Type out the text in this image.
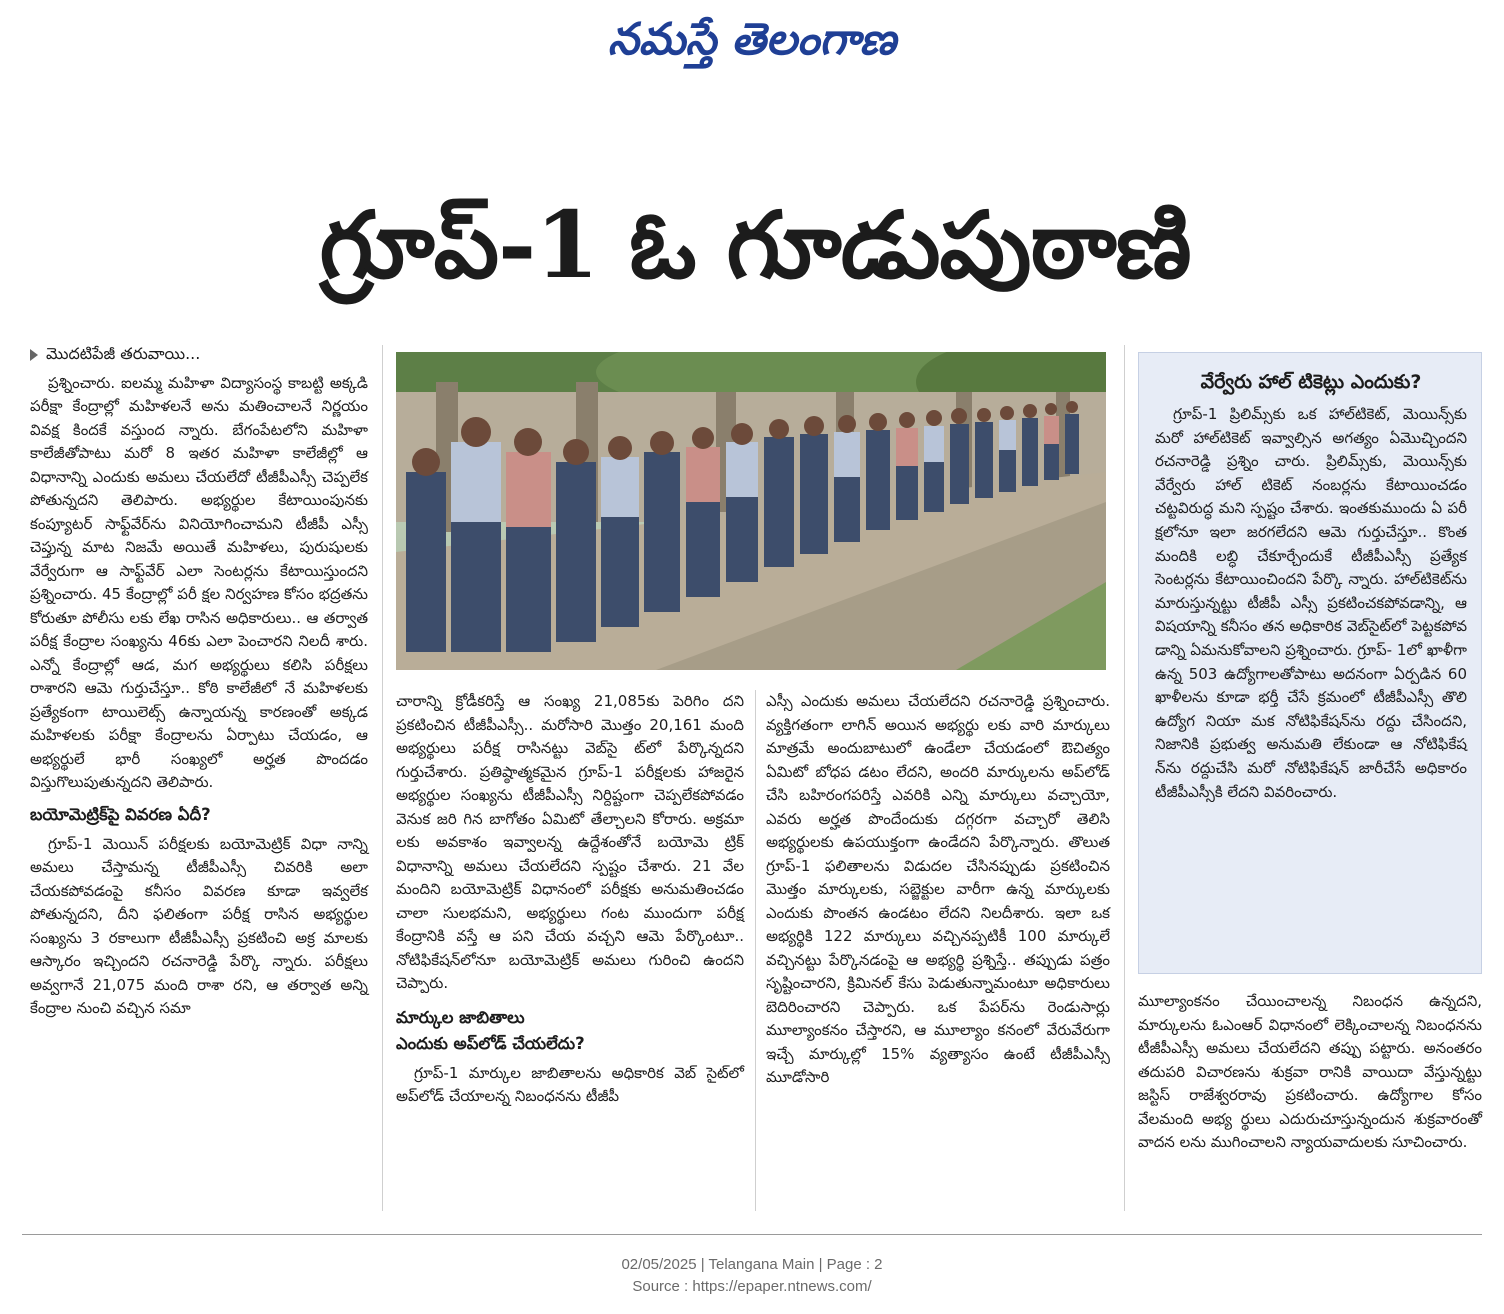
నమస్తే తెలంగాణ
గ్రూప్-1 ఓ గూడుపుఠాణి
మొదటిపేజీ తరువాయి...

ప్రశ్నించారు. ఐలమ్మ మహిళా విద్యాసంస్థ కాబట్టి అక్కడి పరీక్షా కేంద్రాల్లో మహిళలనే అను మతించాలనే నిర్ణయం వివక్ష కిందకే వస్తుంద న్నారు. బేగంపేటలోని మహిళా కాలేజీతోపాటు మరో 8 ఇతర మహిళా కాలేజీల్లో ఆ విధానాన్ని ఎందుకు అమలు చేయలేదో టీజీపీఎస్సీ చెప్పలేక పోతున్నదని తెలిపారు. అభ్యర్థుల కేటాయింపునకు కంప్యూటర్ సాఫ్ట్‌వేర్‌ను వినియోగించామని టీజీపీ ఎస్సీ చెప్తున్న మాట నిజమే అయితే మహిళలు, పురుషులకు వేర్వేరుగా ఆ సాఫ్ట్‌వేర్ ఎలా సెంటర్లను కేటాయిస్తుందని ప్రశ్నించారు. 45 కేంద్రాల్లో పరీ క్షల నిర్వహణ కోసం భద్రతను కోరుతూ పోలీసు లకు లేఖ రాసిన అధికారులు.. ఆ తర్వాత పరీక్ష కేంద్రాల సంఖ్యను 46కు ఎలా పెంచారని నిలదీ శారు. ఎన్నో కేంద్రాల్లో ఆడ, మగ అభ్యర్థులు కలిసి పరీక్షలు రాశారని ఆమె గుర్తుచేస్తూ.. కోఠి కాలేజీలో నే మహిళలకు ప్రత్యేకంగా టాయిలెట్స్ ఉన్నాయన్న కారణంతో అక్కడ మహిళలకు పరీక్షా కేంద్రాలను ఏర్పాటు చేయడం, ఆ అభ్యర్థులే భారీ సంఖ్యలో అర్హత పొందడం విస్తుగొలుపుతున్నదని తెలిపారు.

బయోమెట్రిక్‌పై వివరణ ఏదీ?

గ్రూప్-1 మెయిన్ పరీక్షలకు బయోమెట్రిక్ విధా నాన్ని అమలు చేస్తామన్న టీజీపీఎస్సీ చివరికి అలా చేయకపోవడంపై కనీసం వివరణ కూడా ఇవ్వలేక పోతున్నదని, దీని ఫలితంగా పరీక్ష రాసిన అభ్యర్థుల సంఖ్యను 3 రకాలుగా టీజీపీఎస్సీ ప్రకటించి అక్ర మాలకు ఆస్కారం ఇచ్చిందని రచనారెడ్డి పేర్కొ న్నారు. పరీక్షలు అవ్వగానే 21,075 మంది రాశా రని, ఆ తర్వాత అన్ని కేంద్రాల నుంచి వచ్చిన సమా

చారాన్ని క్రోడీకరిస్తే ఆ సంఖ్య 21,085కు పెరిగిం దని ప్రకటించిన టీజీపీఎస్సీ.. మరోసారి మొత్తం 20,161 మంది అభ్యర్థులు పరీక్ష రాసినట్టు వెబ్‌సై ట్‌లో పేర్కొన్నదని గుర్తుచేశారు. ప్రతిష్ఠాత్మకమైన గ్రూప్-1 పరీక్షలకు హాజరైన అభ్యర్థుల సంఖ్యను టీజీపీఎస్సీ నిర్దిష్టంగా చెప్పలేకపోవడం వెనుక జరి గిన బాగోతం ఏమిటో తేల్చాలని కోరారు. అక్రమా లకు అవకాశం ఇవ్వాలన్న ఉద్దేశంతోనే బయోమె ట్రిక్ విధానాన్ని అమలు చేయలేదని స్పష్టం చేశారు. 21 వేల మందిని బయోమెట్రిక్ విధానంలో పరీక్షకు అనుమతించడం చాలా సులభమని, అభ్యర్థులు గంట ముందుగా పరీక్ష కేంద్రానికి వస్తే ఆ పని చేయ వచ్చని ఆమె పేర్కొంటూ.. నోటిఫికేషన్‌లోనూ బయోమెట్రిక్ అమలు గురించి ఉందని చెప్పారు.

మార్కుల జాబితాలు
ఎందుకు అప్‌లోడ్ చేయలేదు?

గ్రూప్-1 మార్కుల జాబితాలను అధికారిక వెబ్ సైట్‌లో అప్‌లోడ్ చేయాలన్న నిబంధనను టీజీపీ

ఎస్సీ ఎందుకు అమలు చేయలేదని రచనారెడ్డి ప్రశ్నించారు. వ్యక్తిగతంగా లాగిన్ అయిన అభ్యర్థు లకు వారి మార్కులు మాత్రమే అందుబాటులో ఉండేలా చేయడంలో ఔచిత్యం ఏమిటో బోధప డటం లేదని, అందరి మార్కులను అప్‌లోడ్ చేసి బహిరంగపరిస్తే ఎవరికి ఎన్ని మార్కులు వచ్చాయో, ఎవరు అర్హత పొందేందుకు దగ్గరగా వచ్చారో తెలిసి అభ్యర్థులకు ఉపయుక్తంగా ఉండేదని పేర్కొన్నారు. తొలుత గ్రూప్-1 ఫలితాలను విడుదల చేసినప్పుడు ప్రకటించిన మొత్తం మార్కులకు, సబ్జెక్టుల వారీగా ఉన్న మార్కులకు ఎందుకు పొంతన ఉండటం లేదని నిలదీశారు. ఇలా ఒక అభ్యర్థికి 122 మార్కులు వచ్చినప్పటికీ 100 మార్కులే వచ్చినట్టు పేర్కొనడంపై ఆ అభ్యర్థి ప్రశ్నిస్తే.. తప్పుడు పత్రం సృష్టించారని, క్రిమినల్ కేసు పెడుతున్నామంటూ అధికారులు బెదిరించారని చెప్పారు. ఒక పేపర్‌ను రెండుసార్లు మూల్యాంకనం చేస్తారని, ఆ మూల్యాం కనంలో వేరువేరుగా ఇచ్చే మార్కుల్లో 15% వ్యత్యాసం ఉంటే టీజీపీఎస్సీ మూడోసారి

వేర్వేరు హాల్ టికెట్లు ఎందుకు?

గ్రూప్-1 ప్రిలిమ్స్‌కు ఒక హాల్‌టికెట్, మెయిన్స్‌కు మరో హాల్‌టికెట్ ఇవ్వాల్సిన అగత్యం ఏమొచ్చిందని రచనారెడ్డి ప్రశ్నిం చారు. ప్రిలిమ్స్‌కు, మెయిన్స్‌కు వేర్వేరు హాల్ టికెట్ నంబర్లను కేటాయించడం చట్టవిరుద్ధ మని స్పష్టం చేశారు. ఇంతకుముందు ఏ పరీ క్షలోనూ ఇలా జరగలేదని ఆమె గుర్తుచేస్తూ.. కొంత మందికి లబ్ధి చేకూర్చేందుకే టీజీపీఎస్సీ ప్రత్యేక సెంటర్లను కేటాయించిందని పేర్కొ న్నారు. హాల్‌టికెట్‌ను మారుస్తున్నట్టు టీజీపీ ఎస్సీ ప్రకటించకపోవడాన్ని, ఆ విషయాన్ని కనీసం తన అధికారిక వెబ్‌సైట్‌లో పెట్టకపోవ డాన్ని ఏమనుకోవాలని ప్రశ్నించారు. గ్రూప్- 1లో ఖాళీగా ఉన్న 503 ఉద్యోగాలతోపాటు అదనంగా ఏర్పడిన 60 ఖాళీలను కూడా భర్తీ చేసే క్రమంలో టీజీపీఎస్సీ తొలి ఉద్యోగ నియా మక నోటిఫికేషన్‌ను రద్దు చేసిందని, నిజానికి ప్రభుత్వ అనుమతి లేకుండా ఆ నోటిఫికేష న్‌ను రద్దుచేసి మరో నోటిఫికేషన్ జారీచేసే అధికారం టీజీపీఎస్సీకి లేదని వివరించారు.

మూల్యాంకనం చేయించాలన్న నిబంధన ఉన్నదని, మార్కులను ఓఎంఆర్ విధానంలో లెక్కించాలన్న నిబంధనను టీజీపీఎస్సీ అమలు చేయలేదని తప్పు పట్టారు. అనంతరం తదుపరి విచారణను శుక్రవా రానికి వాయిదా వేస్తున్నట్టు జస్టిస్ రాజేశ్వరరావు ప్రకటించారు. ఉద్యోగాల కోసం వేలమంది అభ్య ర్థులు ఎదురుచూస్తున్నందున శుక్రవారంతో వాదన లను ముగించాలని న్యాయవాదులకు సూచించారు.

02/05/2025 | Telangana Main | Page : 2
Source : https://epaper.ntnews.com/
